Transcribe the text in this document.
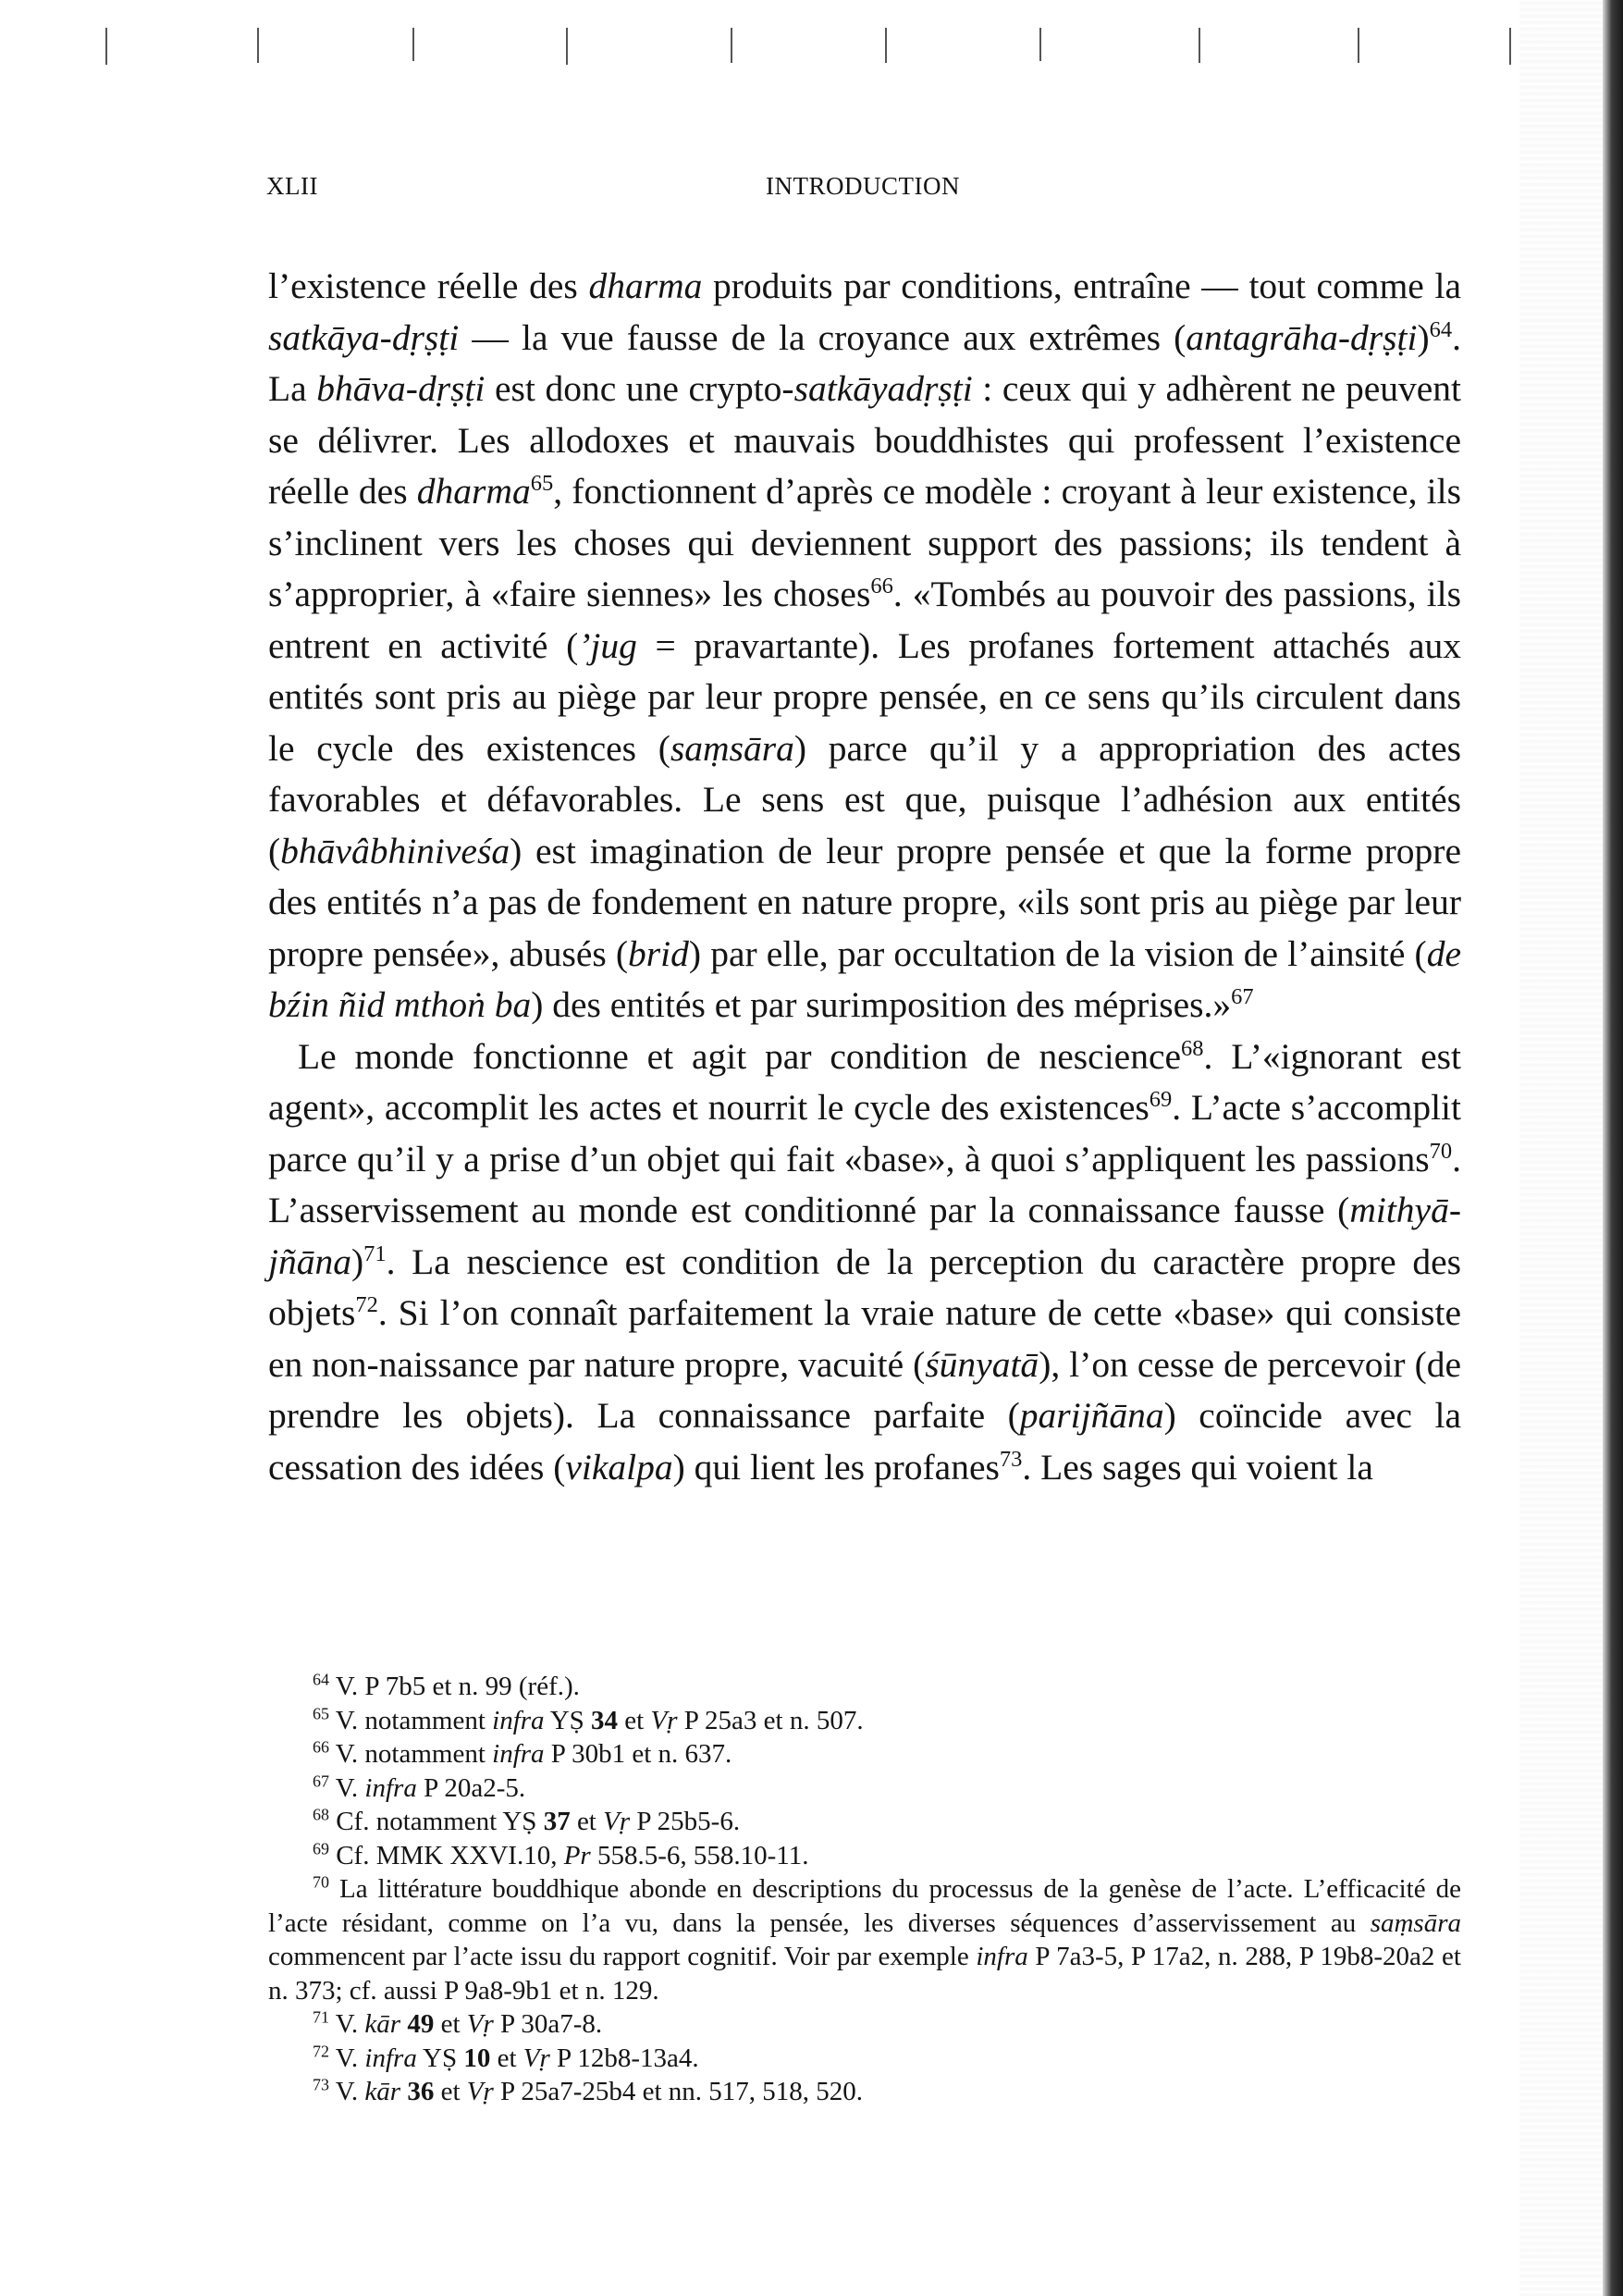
XLII	INTRODUCTION

l’existence réelle des dharma produits par conditions, entraîne — tout comme la satkāya-dṛṣṭi — la vue fausse de la croyance aux extrêmes (antagrāha-dṛṣṭi)$^{64}$. La bhāva-dṛṣṭi est donc une crypto-satkāyadṛṣṭi : ceux qui y adhèrent ne peuvent se délivrer. Les allodoxes et mauvais bouddhistes qui professent l’existence réelle des dharma$^{65}$, fonctionnent d’après ce modèle : croyant à leur existence, ils s’inclinent vers les choses qui deviennent support des passions; ils tendent à s’approprier, à «faire siennes» les choses$^{66}$. «Tombés au pouvoir des passions, ils entrent en activité (’jug = pravartante). Les profanes fortement attachés aux entités sont pris au piège par leur propre pensée, en ce sens qu’ils circulent dans le cycle des existences (saṃsāra) parce qu’il y a appropriation des actes favorables et défavorables. Le sens est que, puisque l’adhésion aux entités (bhāvâbhiniveśa) est imagination de leur propre pensée et que la forme propre des entités n’a pas de fondement en nature propre, «ils sont pris au piège par leur propre pensée», abusés (brid) par elle, par occultation de la vision de l’ainsité (de bźin ñid mthoṅ ba) des entités et par surimposition des méprises.»$^{67}$

Le monde fonctionne et agit par condition de nescience$^{68}$. L’«ignorant est agent», accomplit les actes et nourrit le cycle des existences$^{69}$. L’acte s’accomplit parce qu’il y a prise d’un objet qui fait «base», à quoi s’appliquent les passions$^{70}$. L’asservissement au monde est conditionné par la connaissance fausse (mithyā-jñāna)$^{71}$. La nescience est condition de la perception du caractère propre des objets$^{72}$. Si l’on connaît parfaitement la vraie nature de cette «base» qui consiste en non-naissance par nature propre, vacuité (śūnyatā), l’on cesse de percevoir (de prendre les objets). La connaissance parfaite (parijñāna) coïncide avec la cessation des idées (vikalpa) qui lient les profanes$^{73}$. Les sages qui voient la

$^{64}$ V. P 7b5 et n. 99 (réf.).

$^{65}$ V. notamment infra YṢ 34 et Vṛ P 25a3 et n. 507.

$^{66}$ V. notamment infra P 30b1 et n. 637.

$^{67}$ V. infra P 20a2-5.

$^{68}$ Cf. notamment YṢ 37 et Vṛ P 25b5-6.

$^{69}$ Cf. MMK XXVI.10, Pr 558.5-6, 558.10-11.

$^{70}$ La littérature bouddhique abonde en descriptions du processus de la genèse de l’acte. L’efficacité de l’acte résidant, comme on l’a vu, dans la pensée, les diverses séquences d’asservissement au saṃsāra commencent par l’acte issu du rapport cognitif. Voir par exemple infra P 7a3-5, P 17a2, n. 288, P 19b8-20a2 et n. 373; cf. aussi P 9a8-9b1 et n. 129.

$^{71}$ V. kār 49 et Vṛ P 30a7-8.

$^{72}$ V. infra YṢ 10 et Vṛ P 12b8-13a4.

$^{73}$ V. kār 36 et Vṛ P 25a7-25b4 et nn. 517, 518, 520.
